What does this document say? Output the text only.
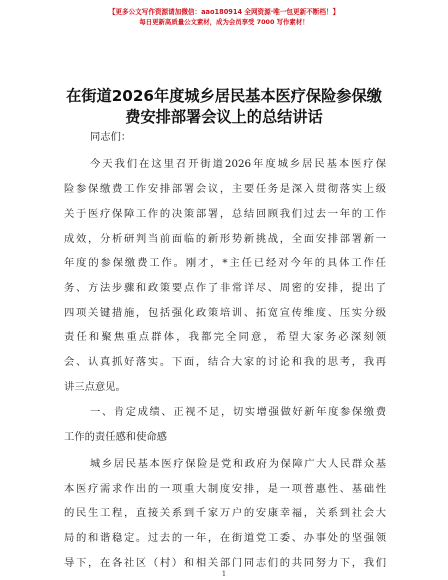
【更多公文写作资源请加微信：aao180914 全网资源·唯一包更新不断档！】
每日更新高质量公文素材，成为会员享受 7000 写作素材！
在街道2026年度城乡居民基本医疗保险参保缴
费安排部署会议上的总结讲话
同志们：
今天我们在这里召开街道2026年度城乡居民基本医疗保
险参保缴费工作安排部署会议，主要任务是深入贯彻落实上级
关于医疗保障工作的决策部署，总结回顾我们过去一年的工作
成效，分析研判当前面临的新形势新挑战，全面安排部署新一
年度的参保缴费工作。刚才，*主任已经对今年的具体工作任
务、方法步骤和政策要点作了非常详尽、周密的安排，提出了
四项关键措施，包括强化政策培训、拓宽宣传维度、压实分级
责任和聚焦重点群体，我都完全同意，希望大家务必深刻领
会、认真抓好落实。下面，结合大家的讨论和我的思考，我再
讲三点意见。
一、肯定成绩、正视不足，切实增强做好新年度参保缴费
工作的责任感和使命感
城乡居民基本医疗保险是党和政府为保障广大人民群众基
本医疗需求作出的一项重大制度安排，是一项普惠性、基础性
的民生工程，直接关系到千家万户的安康幸福，关系到社会大
局的和谐稳定。过去的一年，在街道党工委、办事处的坚强领
导下，在各社区（村）和相关部门同志们的共同努力下，我们
1
